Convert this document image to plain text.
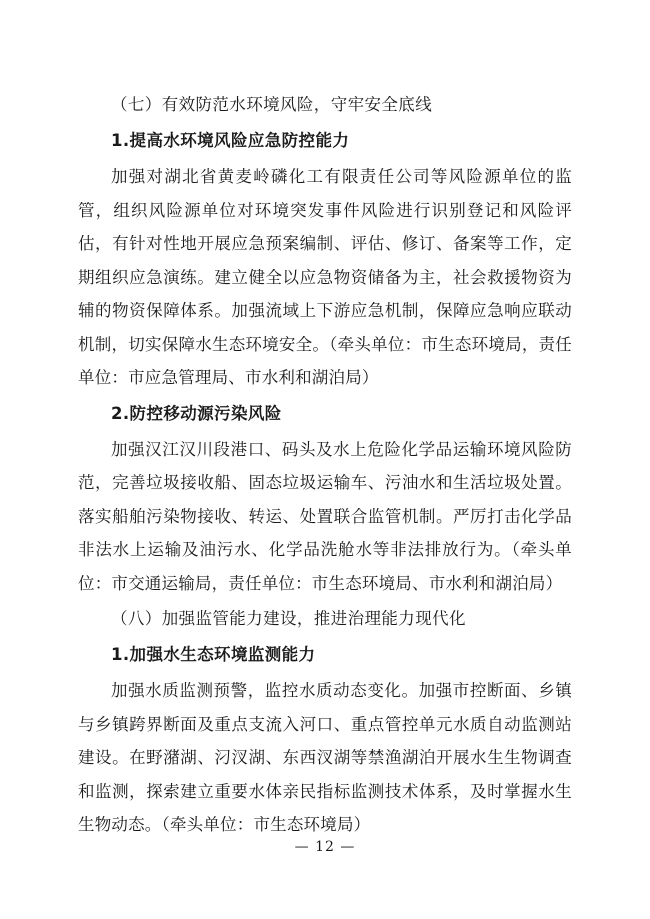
（七）有效防范水环境风险，守牢安全底线

1.提高水环境风险应急防控能力

加强对湖北省黄麦岭磷化工有限责任公司等风险源单位的监管，组织风险源单位对环境突发事件风险进行识别登记和风险评估，有针对性地开展应急预案编制、评估、修订、备案等工作，定期组织应急演练。建立健全以应急物资储备为主，社会救援物资为辅的物资保障体系。加强流域上下游应急机制，保障应急响应联动机制，切实保障水生态环境安全。（牵头单位：市生态环境局，责任单位：市应急管理局、市水利和湖泊局）

2.防控移动源污染风险

加强汉江汉川段港口、码头及水上危险化学品运输环境风险防范，完善垃圾接收船、固态垃圾运输车、污油水和生活垃圾处置。落实船舶污染物接收、转运、处置联合监管机制。严厉打击化学品非法水上运输及油污水、化学品洗舱水等非法排放行为。（牵头单位：市交通运输局，责任单位：市生态环境局、市水利和湖泊局）

（八）加强监管能力建设，推进治理能力现代化

1.加强水生态环境监测能力

加强水质监测预警，监控水质动态变化。加强市控断面、乡镇与乡镇跨界断面及重点支流入河口、重点管控单元水质自动监测站建设。在野潴湖、汈汊湖、东西汊湖等禁渔湖泊开展水生生物调查和监测，探索建立重要水体亲民指标监测技术体系，及时掌握水生生物动态。（牵头单位：市生态环境局）

— 12 —
